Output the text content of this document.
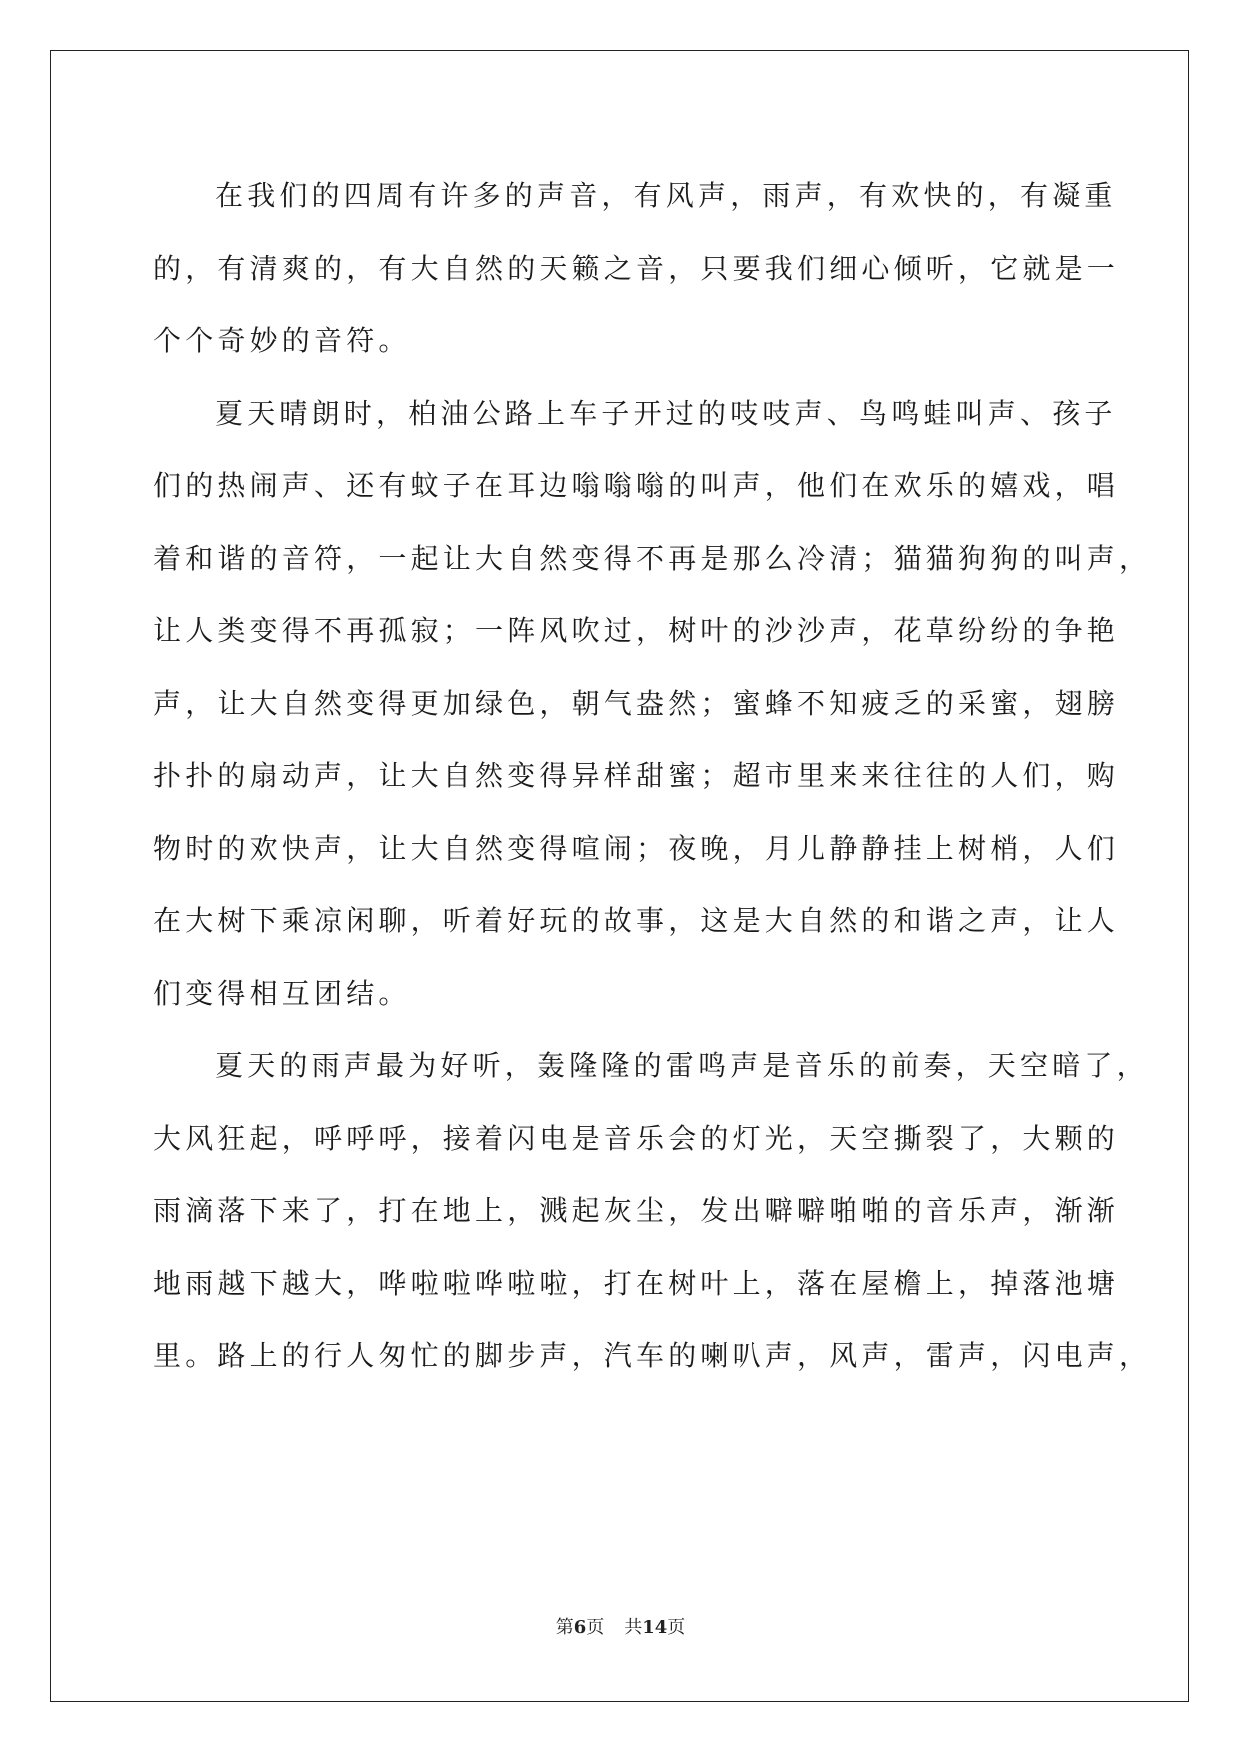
在我们的四周有许多的声音，有风声，雨声，有欢快的，有凝重
的，有清爽的，有大自然的天籁之音，只要我们细心倾听，它就是一
个个奇妙的音符。
夏天晴朗时，柏油公路上车子开过的吱吱声、鸟鸣蛙叫声、孩子
们的热闹声、还有蚊子在耳边嗡嗡嗡的叫声，他们在欢乐的嬉戏，唱
着和谐的音符，一起让大自然变得不再是那么冷清；猫猫狗狗的叫声，
让人类变得不再孤寂；一阵风吹过，树叶的沙沙声，花草纷纷的争艳
声，让大自然变得更加绿色，朝气盎然；蜜蜂不知疲乏的采蜜，翅膀
扑扑的扇动声，让大自然变得异样甜蜜；超市里来来往往的人们，购
物时的欢快声，让大自然变得喧闹；夜晚，月儿静静挂上树梢，人们
在大树下乘凉闲聊，听着好玩的故事，这是大自然的和谐之声，让人
们变得相互团结。
夏天的雨声最为好听，轰隆隆的雷鸣声是音乐的前奏，天空暗了，
大风狂起，呼呼呼，接着闪电是音乐会的灯光，天空撕裂了，大颗的
雨滴落下来了，打在地上，溅起灰尘，发出噼噼啪啪的音乐声，渐渐
地雨越下越大，哗啦啦哗啦啦，打在树叶上，落在屋檐上，掉落池塘
里。路上的行人匆忙的脚步声，汽车的喇叭声，风声，雷声，闪电声，
第6页 共14页
